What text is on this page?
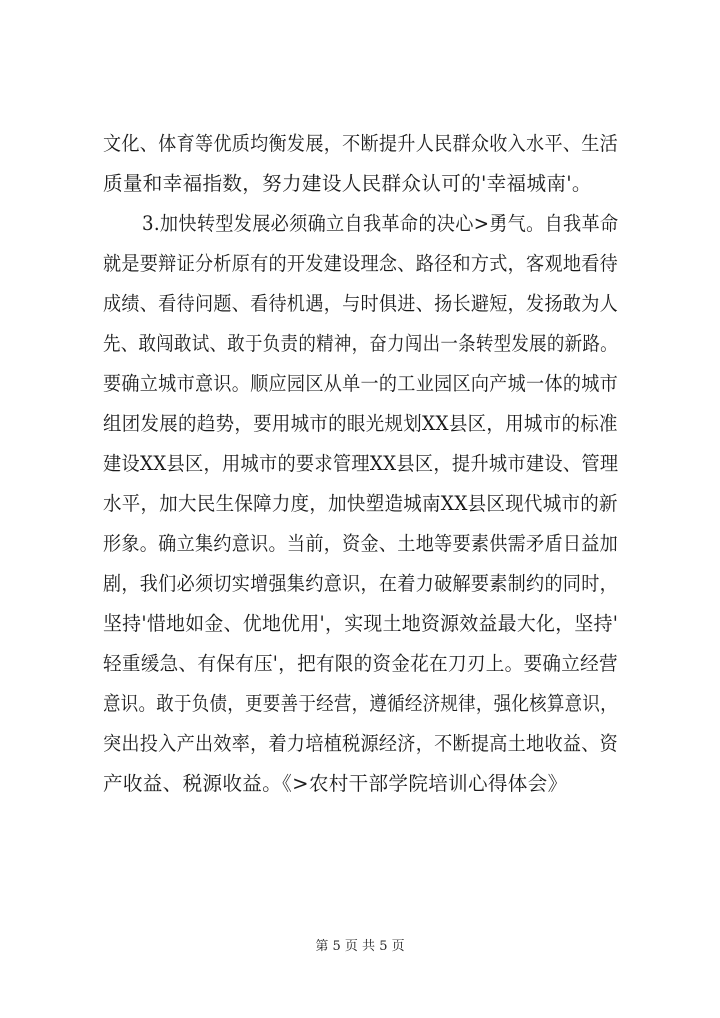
文化、体育等优质均衡发展，不断提升人民群众收入水平、生活
质量和幸福指数，努力建设人民群众认可的'幸福城南'。
3.加快转型发展必须确立自我革命的决心>勇气。自我革命
就是要辩证分析原有的开发建设理念、路径和方式，客观地看待
成绩、看待问题、看待机遇，与时俱进、扬长避短，发扬敢为人
先、敢闯敢试、敢于负责的精神，奋力闯出一条转型发展的新路。
要确立城市意识。顺应园区从单一的工业园区向产城一体的城市
组团发展的趋势，要用城市的眼光规划XX县区，用城市的标准
建设XX县区，用城市的要求管理XX县区，提升城市建设、管理
水平，加大民生保障力度，加快塑造城南XX县区现代城市的新
形象。确立集约意识。当前，资金、土地等要素供需矛盾日益加
剧，我们必须切实增强集约意识，在着力破解要素制约的同时，
坚持'惜地如金、优地优用'，实现土地资源效益最大化，坚持'
轻重缓急、有保有压'，把有限的资金花在刀刃上。要确立经营
意识。敢于负债，更要善于经营，遵循经济规律，强化核算意识，
突出投入产出效率，着力培植税源经济，不断提高土地收益、资
产收益、税源收益。《>农村干部学院培训心得体会》
第 5 页 共 5 页
